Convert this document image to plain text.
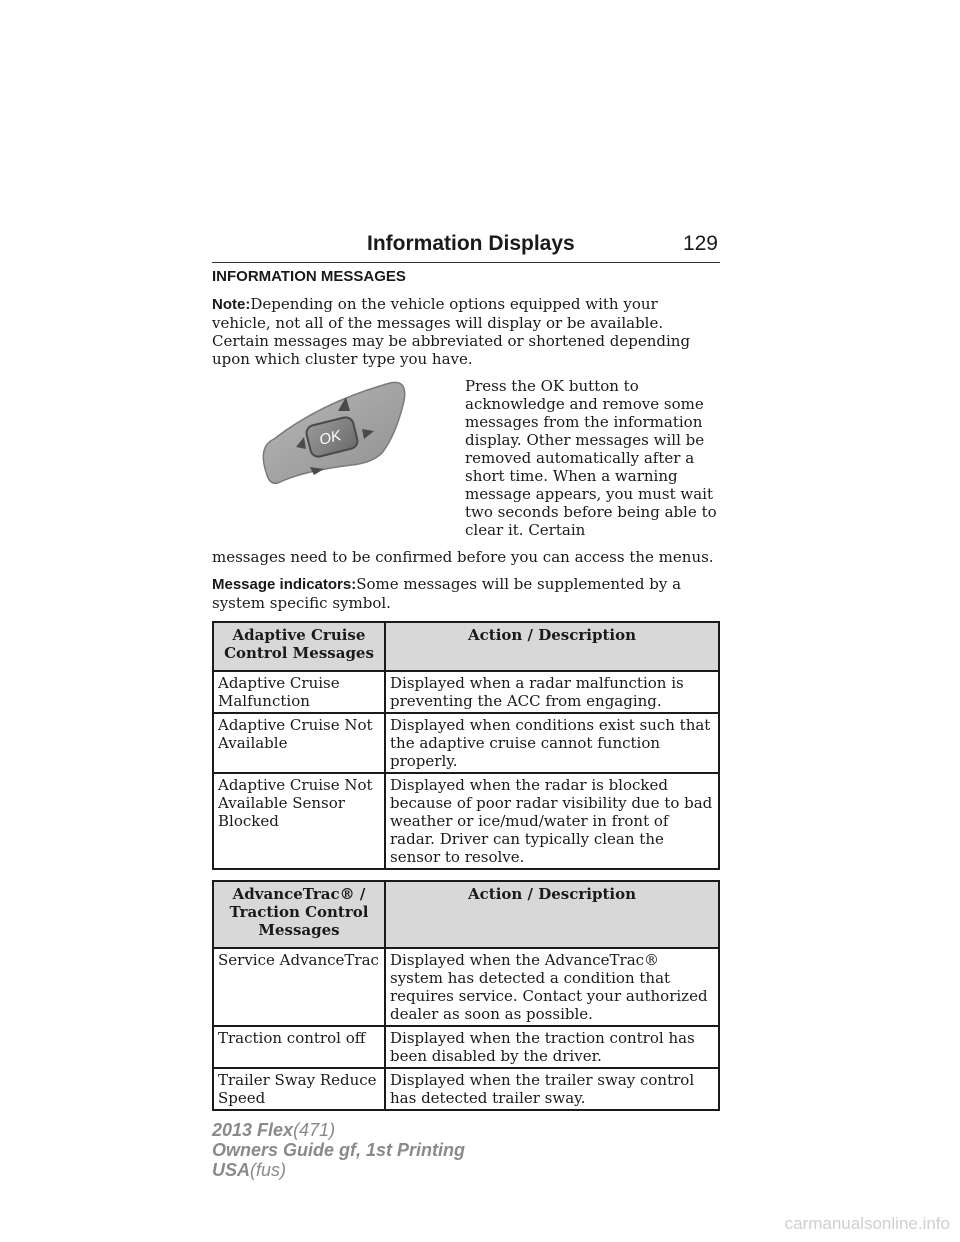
Information Displays	129
INFORMATION MESSAGES

Note:Depending on the vehicle options equipped with your vehicle, not all of the messages will display or be available. Certain messages may be abbreviated or shortened depending upon which cluster type you have.

OK

Press the OK button to acknowledge and remove some messages from the information display. Other messages will be removed automatically after a short time. When a warning message appears, you must wait two seconds before being able to clear it. Certain

messages need to be confirmed before you can access the menus.

Message indicators:Some messages will be supplemented by a system specific symbol.

Adaptive Cruise Control Messages	Action / Description
Adaptive Cruise Malfunction	Displayed when a radar malfunction is preventing the ACC from engaging.
Adaptive Cruise Not Available	Displayed when conditions exist such that the adaptive cruise cannot function properly.
Adaptive Cruise Not Available Sensor Blocked	Displayed when the radar is blocked because of poor radar visibility due to bad weather or ice/mud/water in front of radar. Driver can typically clean the sensor to resolve.
AdvanceTrac® / Traction Control Messages	Action / Description
Service AdvanceTrac	Displayed when the AdvanceTrac® system has detected a condition that requires service. Contact your authorized dealer as soon as possible.
Traction control off	Displayed when the traction control has been disabled by the driver.
Trailer Sway Reduce Speed	Displayed when the trailer sway control has detected trailer sway.
2013 Flex(471)
Owners Guide gf, 1st Printing
USA(fus)
carmanualsonline.info
